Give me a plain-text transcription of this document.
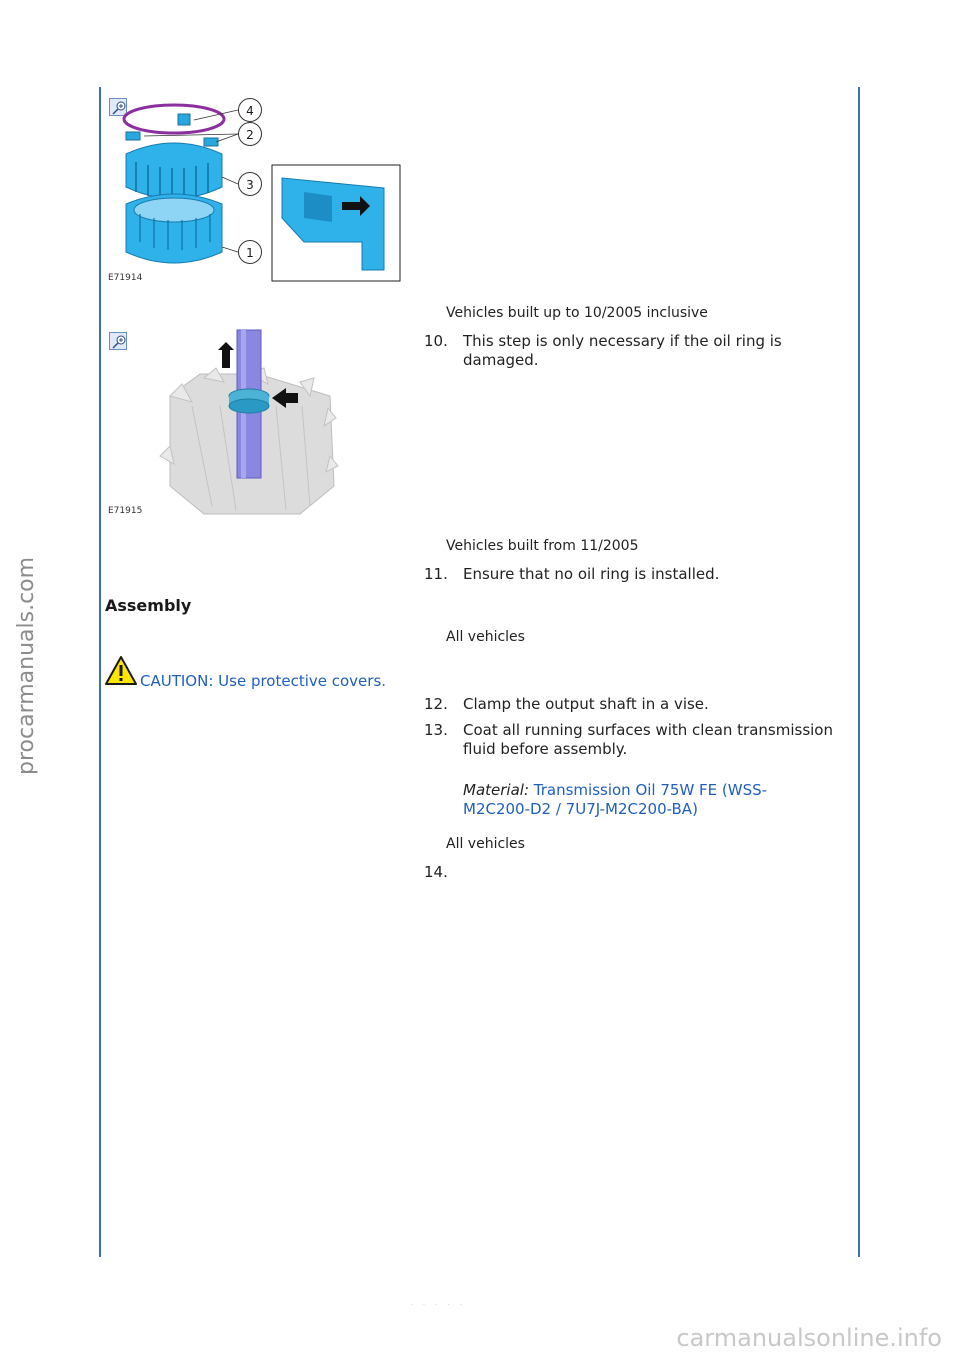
procarmanuals.com
4
2
3
1
E71914
Vehicles built up to 10/2005 inclusive
E71915
10. This step is only necessary if the oil ring is damaged.
Vehicles built from 11/2005
11. Ensure that no oil ring is installed.
Assembly
All vehicles
CAUTION: Use protective covers.
12. Clamp the output shaft in a vise.
13. Coat all running surfaces with clean transmission fluid before assembly.
Material: Transmission Oil 75W FE (WSS-M2C200-D2 / 7U7J-M2C200-BA)
All vehicles
14.
· · · · ·
carmanualsonline.info
